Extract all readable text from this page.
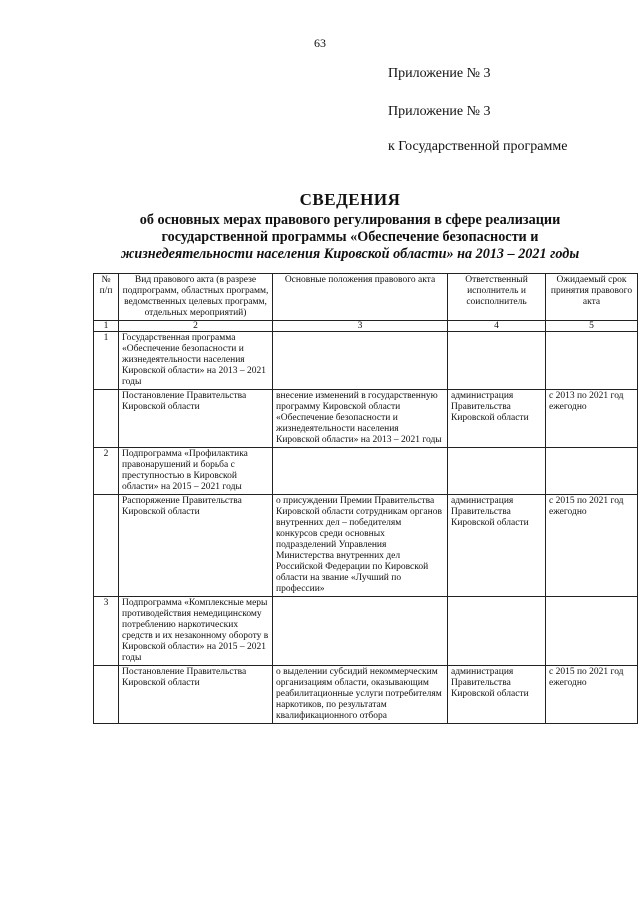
63
Приложение № 3
Приложение № 3
к Государственной программе
СВЕДЕНИЯ
об основных мерах правового регулирования в сфере реализации
государственной программы «Обеспечение безопасности и
жизнедеятельности населения Кировской области» на 2013 – 2021 годы
№ п/п	Вид правового акта (в разрезе подпрограмм, областных программ, ведомственных целевых программ, отдельных мероприятий)	Основные положения правового акта	Ответственный исполнитель и соисполнитель	Ожидаемый срок принятия правового акта
1	2	3	4	5
1	Государственная программа «Обеспечение безопасности и жизнедеятельности населения Кировской области» на 2013 – 2021 годы			
	Постановление Правительства Кировской области	внесение изменений в государственную программу Кировской области «Обеспечение безопасности и жизнедеятельности населения Кировской области» на 2013 – 2021 годы	администрация Правительства Кировской области	с 2013 по 2021 год ежегодно
2	Подпрограмма «Профилактика правонарушений и борьба с преступностью в Кировской области» на 2015 – 2021 годы			
	Распоряжение Правительства Кировской области	о присуждении Премии Правительства Кировской области сотрудникам органов внутренних дел – победителям конкурсов среди основных подразделений Управления Министерства внутренних дел Российской Федерации по Кировской области на звание «Лучший по профессии»	администрация Правительства Кировской области	с 2015 по 2021 год ежегодно
3	Подпрограмма «Комплексные меры противодействия немедицинскому потреблению наркотических средств и их незаконному обороту в Кировской области» на 2015 – 2021 годы			
	Постановление Правительства Кировской области	о выделении субсидий некоммерческим организациям области, оказывающим реабилитационные услуги потребителям наркотиков, по результатам квалификационного отбора	администрация Правительства Кировской области	с 2015 по 2021 год ежегодно
